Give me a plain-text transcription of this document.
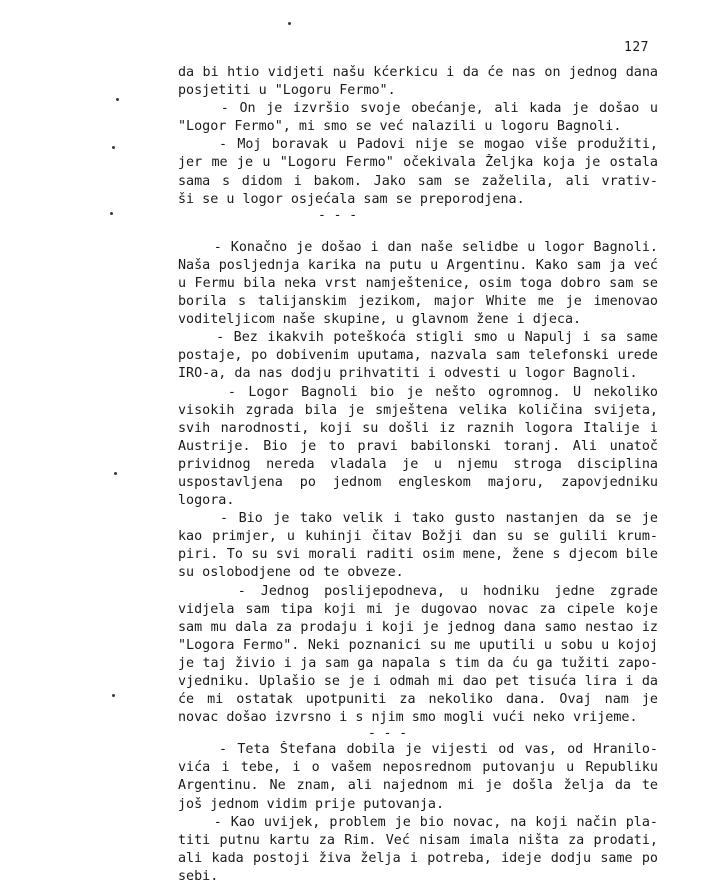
127
da bi htio vidjeti našu kćerkicu i da će nas on jednog dana
posjetiti u "Logoru Fermo".
- On je izvršio svoje obećanje, ali kada je došao u
"Logor Fermo", mi smo se već nalazili u logoru Bagnoli.
- Moj boravak u Padovi nije se mogao više produžiti,
jer me je u "Logoru Fermo" očekivala Željka koja je ostala
sama s didom i bakom. Jako sam se zaželila, ali vrativ-
ši se u logor osjećala sam se preporodjena.
- - -
- Konačno je došao i dan naše selidbe u logor Bagnoli.
Naša posljednja karika na putu u Argentinu. Kako sam ja već
u Fermu bila neka vrst namještenice, osim toga dobro sam se
borila s talijanskim jezikom, major White me je imenovao
voditeljicom naše skupine, u glavnom žene i djeca.
- Bez ikakvih poteškoća stigli smo u Napulj i sa same
postaje, po dobivenim uputama, nazvala sam telefonski urede
IRO-a, da nas dodju prihvatiti i odvesti u logor Bagnoli.
- Logor Bagnoli bio je nešto ogromnog. U nekoliko
visokih zgrada bila je smještena velika količina svijeta,
svih narodnosti, koji su došli iz raznih logora Italije i
Austrije. Bio je to pravi babilonski toranj. Ali unatoč
prividnog nereda vladala je u njemu stroga disciplina
uspostavljena po jednom engleskom majoru, zapovjedniku
logora.
- Bio je tako velik i tako gusto nastanjen da se je
kao primjer, u kuhinji čitav Božji dan su se gulili krum-
piri. To su svi morali raditi osim mene, žene s djecom bile
su oslobodjene od te obveze.
- Jednog poslijepodneva, u hodniku jedne zgrade
vidjela sam tipa koji mi je dugovao novac za cipele koje
sam mu dala za prodaju i koji je jednog dana samo nestao iz
"Logora Fermo". Neki poznanici su me uputili u sobu u kojoj
je taj živio i ja sam ga napala s tim da ću ga tužiti zapo-
vjedniku. Uplašio se je i odmah mi dao pet tisuća lira i da
će mi ostatak upotpuniti za nekoliko dana. Ovaj nam je
novac došao izvrsno i s njim smo mogli vući neko vrijeme.
- - -
- Teta Štefana dobila je vijesti od vas, od Hranilo-
vića i tebe, i o vašem neposrednom putovanju u Republiku
Argentinu. Ne znam, ali najednom mi je došla želja da te
još jednom vidim prije putovanja.
- Kao uvijek, problem je bio novac, na koji način pla-
titi putnu kartu za Rim. Već nisam imala ništa za prodati,
ali kada postoji živa želja i potreba, ideje dodju same po
sebi.
